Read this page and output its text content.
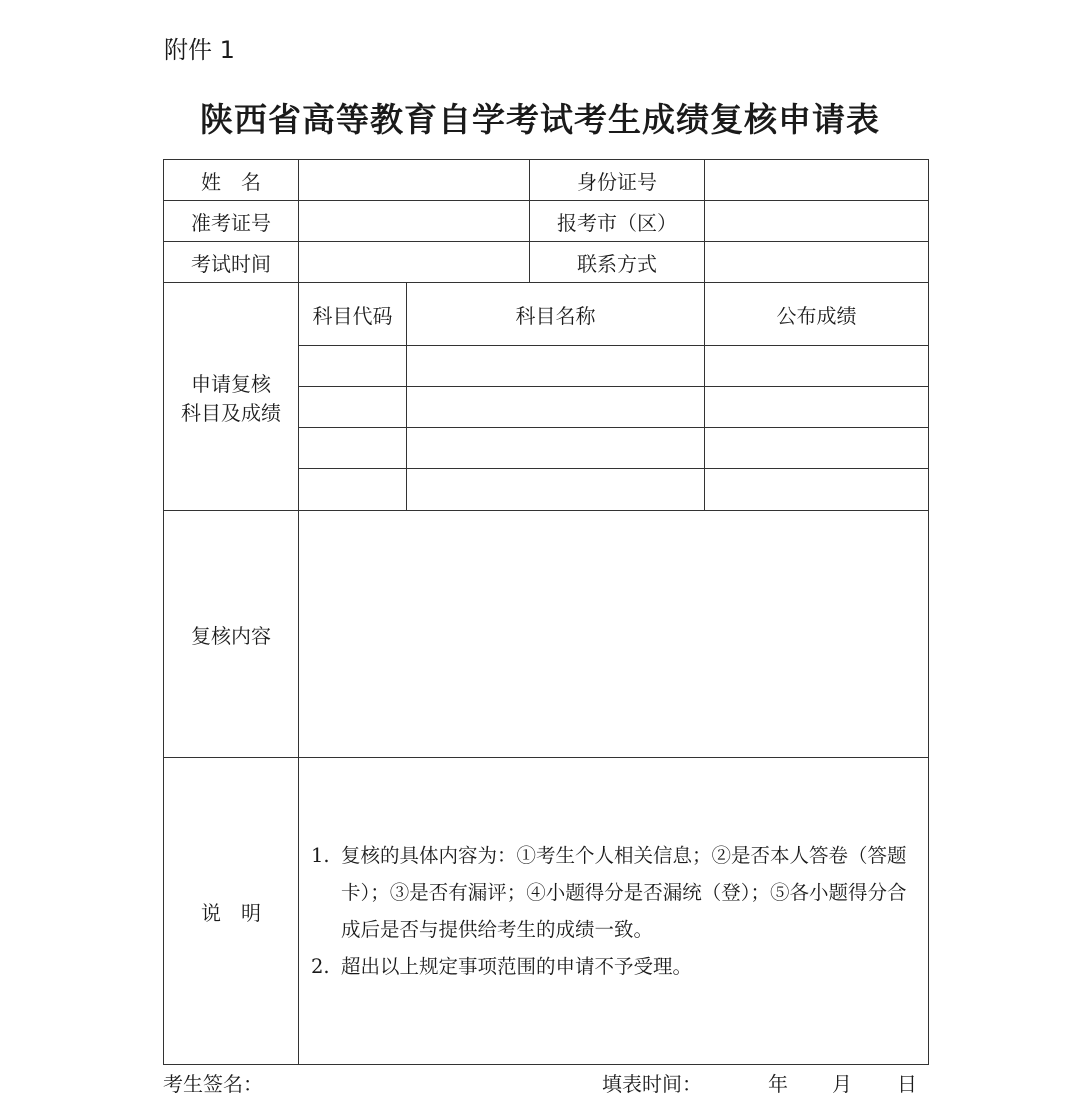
附件 1
陕西省高等教育自学考试考生成绩复核申请表
姓　名			身份证号	
准考证号			报考市（区）	
考试时间			联系方式	

申请复核
科目及成绩	科目代码	科目名称		公布成绩

复核内容				
说　明	1. 复核的具体内容为：①考生个人相关信息；②是否本人答卷（答题卡）；③是否有漏评；④小题得分是否漏统（登）；⑤各小题得分合成后是否与提供给考生的成绩一致。
2. 超出以上规定事项范围的申请不予受理。			
考生签名：	填表时间：	年 月 日
